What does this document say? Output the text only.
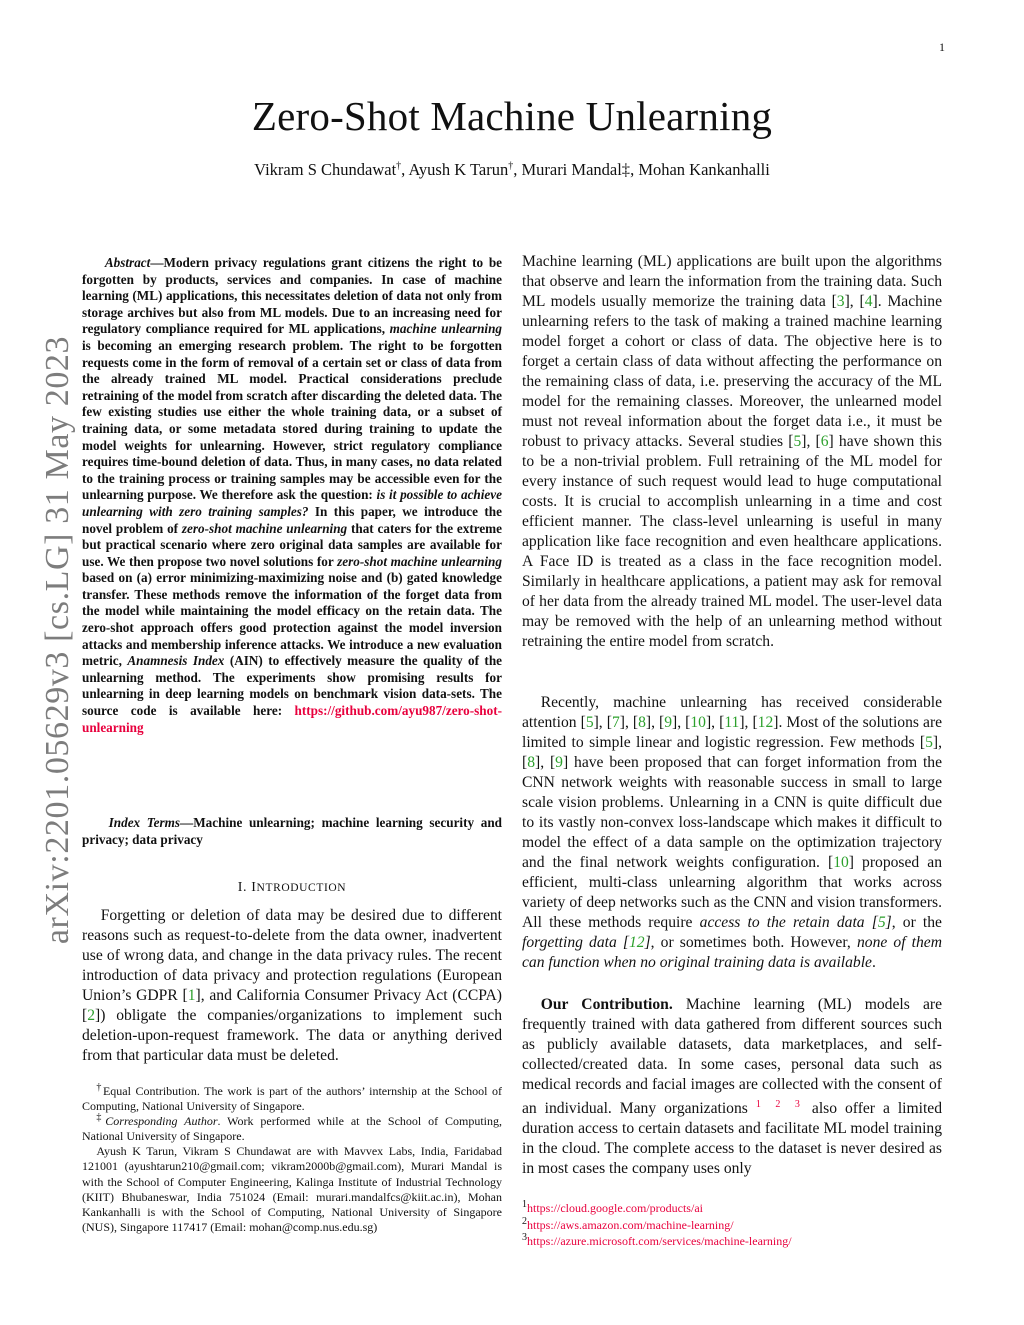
1
arXiv:2201.05629v3 [cs.LG] 31 May 2023
Zero-Shot Machine Unlearning
Vikram S Chundawat†, Ayush K Tarun†, Murari Mandal‡, Mohan Kankanhalli
Abstract—Modern privacy regulations grant citizens the right to be forgotten by products, services and companies. In case of machine learning (ML) applications, this necessitates deletion of data not only from storage archives but also from ML models. Due to an increasing need for regulatory compliance required for ML applications, machine unlearning is becoming an emerging research problem. The right to be forgotten requests come in the form of removal of a certain set or class of data from the already trained ML model. Practical considerations preclude retraining of the model from scratch after discarding the deleted data. The few existing studies use either the whole training data, or a subset of training data, or some metadata stored during training to update the model weights for unlearning. However, strict regulatory compliance requires time-bound deletion of data. Thus, in many cases, no data related to the training process or training samples may be accessible even for the unlearning purpose. We therefore ask the question: is it possible to achieve unlearning with zero training samples? In this paper, we introduce the novel problem of zero-shot machine unlearning that caters for the extreme but practical scenario where zero original data samples are available for use. We then propose two novel solutions for zero-shot machine unlearning based on (a) error minimizing-maximizing noise and (b) gated knowledge transfer. These methods remove the information of the forget data from the model while maintaining the model efficacy on the retain data. The zero-shot approach offers good protection against the model inversion attacks and membership inference attacks. We introduce a new evaluation metric, Anamnesis Index (AIN) to effectively measure the quality of the unlearning method. The experiments show promising results for unlearning in deep learning models on benchmark vision data-sets. The source code is available here: https://github.com/ayu987/zero-shot-unlearning
Index Terms—Machine unlearning; machine learning security and privacy; data privacy
I. INTRODUCTION
Forgetting or deletion of data may be desired due to different reasons such as request-to-delete from the data owner, inadvertent use of wrong data, and change in the data privacy rules. The recent introduction of data privacy and protection regulations (European Union’s GDPR [1], and California Consumer Privacy Act (CCPA) [2]) obligate the companies/organizations to implement such deletion-upon-request framework. The data or anything derived from that particular data must be deleted.

†Equal Contribution. The work is part of the authors’ internship at the School of Computing, National University of Singapore.

‡Corresponding Author. Work performed while at the School of Computing, National University of Singapore.

Ayush K Tarun, Vikram S Chundawat are with Mavvex Labs, India, Faridabad 121001 (ayushtarun210@gmail.com; vikram2000b@gmail.com), Murari Mandal is with the School of Computer Engineering, Kalinga Institute of Industrial Technology (KIIT) Bhubaneswar, India 751024 (Email: murari.mandalfcs@kiit.ac.in), Mohan Kankanhalli is with the School of Computing, National University of Singapore (NUS), Singapore 117417 (Email: mohan@comp.nus.edu.sg)

Machine learning (ML) applications are built upon the algorithms that observe and learn the information from the training data. Such ML models usually memorize the training data [3], [4]. Machine unlearning refers to the task of making a trained machine learning model forget a cohort or class of data. The objective here is to forget a certain class of data without affecting the performance on the remaining class of data, i.e. preserving the accuracy of the ML model for the remaining classes. Moreover, the unlearned model must not reveal information about the forget data i.e., it must be robust to privacy attacks. Several studies [5], [6] have shown this to be a non-trivial problem. Full retraining of the ML model for every instance of such request would lead to huge computational costs. It is crucial to accomplish unlearning in a time and cost efficient manner. The class-level unlearning is useful in many application like face recognition and even healthcare applications. A Face ID is treated as a class in the face recognition model. Similarly in healthcare applications, a patient may ask for removal of her data from the already trained ML model. The user-level data may be removed with the help of an unlearning method without retraining the entire model from scratch.

Recently, machine unlearning has received considerable attention [5], [7], [8], [9], [10], [11], [12]. Most of the solutions are limited to simple linear and logistic regression. Few methods [5], [8], [9] have been proposed that can forget information from the CNN network weights with reasonable success in small to large scale vision problems. Unlearning in a CNN is quite difficult due to its vastly non-convex loss-landscape which makes it difficult to model the effect of a data sample on the optimization trajectory and the final network weights configuration. [10] proposed an efficient, multi-class unlearning algorithm that works across variety of deep networks such as the CNN and vision transformers. All these methods require access to the retain data [5], or the forgetting data [12], or sometimes both. However, none of them can function when no original training data is available.

Our Contribution. Machine learning (ML) models are frequently trained with data gathered from different sources such as publicly available datasets, data marketplaces, and self-collected/created data. In some cases, personal data such as medical records and facial images are collected with the consent of an individual. Many organizations $^{1 2 3}$ also offer a limited duration access to certain datasets and facilitate ML model training in the cloud. The complete access to the dataset is never desired as in most cases the company uses only

$^1$https://cloud.google.com/products/ai
$^2$https://aws.amazon.com/machine-learning/
$^3$https://azure.microsoft.com/services/machine-learning/
